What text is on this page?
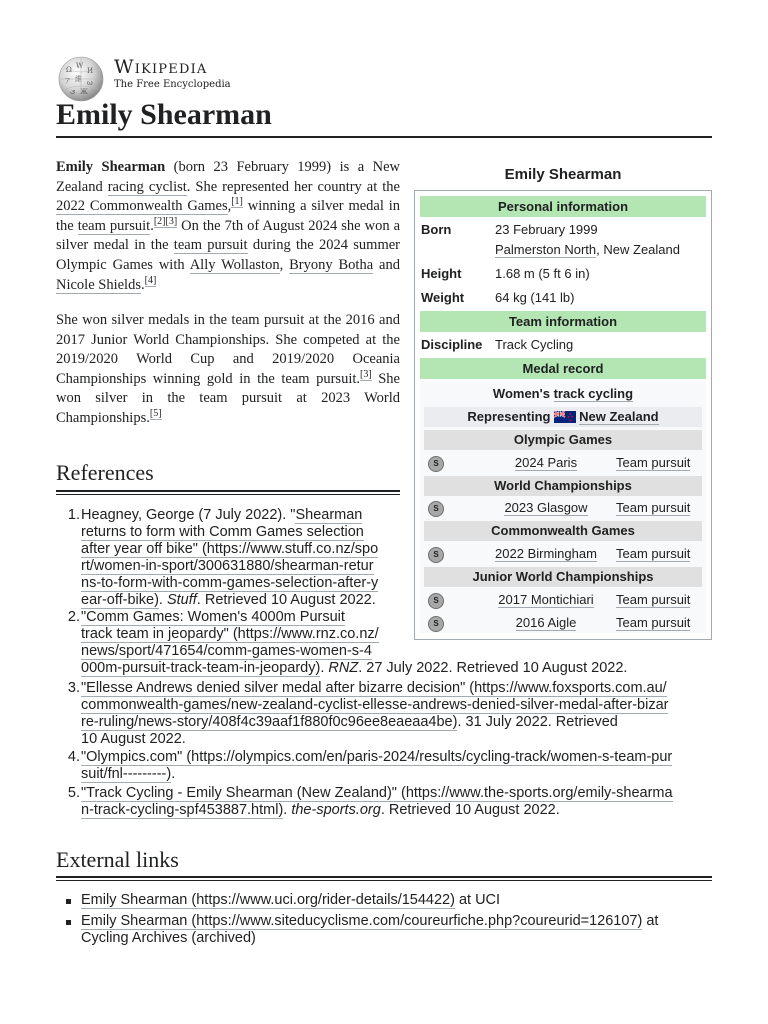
Ω W
И
ア 維 ω
ی Ж
Wikipedia
The Free Encyclopedia
Emily Shearman

Emily Shearman (born 23 February 1999) is a New Zealand racing cyclist. She represented her country at the 2022 Commonwealth Games,[1] winning a silver medal in the team pursuit.[2][3] On the 7th of August 2024 she won a silver medal in the team pursuit during the 2024 summer Olympic Games with Ally Wollaston, Bryony Botha and Nicole Shields.[4]

She won silver medals in the team pursuit at the 2016 and 2017 Junior World Championships. She competed at the 2019/2020 World Cup and 2019/2020 Oceania Championships winning gold in the team pursuit.[3] She won silver in the team pursuit at 2023 World Championships.[5]

Emily Shearman
Personal information
Born	23 February 1999
Palmerston North, New Zealand
Height	1.68 m (5 ft 6 in)
Weight 64 kg (141 lb)
Team information
Discipline Track Cycling
Medal record
Women's track cycling
Representing New Zealand
Olympic Games
S	2024 Paris	Team pursuit
World Championships
S	2023 Glasgow	Team pursuit
Commonwealth Games
S	2022 Birmingham	Team pursuit
Junior World Championships
S	2017 Montichiari	Team pursuit
S	2016 Aigle	Team pursuit
References
1. Heagney, George (7 July 2022). "Shearman
returns to form with Comm Games selection
after year off bike" (https://www.stuff.co.nz/spo
rt/women-in-sport/300631880/shearman-retur
ns-to-form-with-comm-games-selection-after-y
ear-off-bike). Stuff. Retrieved 10 August 2022.
2. "Comm Games: Women's 4000m Pursuit
track team in jeopardy" (https://www.rnz.co.nz/
news/sport/471654/comm-games-women-s-4
000m-pursuit-track-team-in-jeopardy). RNZ. 27 July 2022. Retrieved 10 August 2022.
3. "Ellesse Andrews denied silver medal after bizarre decision" (https://www.foxsports.com.au/
commonwealth-games/new-zealand-cyclist-ellesse-andrews-denied-silver-medal-after-bizar
re-ruling/news-story/408f4c39aaf1f880f0c96ee8eaeaa4be). 31 July 2022. Retrieved
10 August 2022.
4. "Olympics.com" (https://olympics.com/en/paris-2024/results/cycling-track/women-s-team-pur
suit/fnl---------).
5. "Track Cycling - Emily Shearman (New Zealand)" (https://www.the-sports.org/emily-shearma
n-track-cycling-spf453887.html). the-sports.org. Retrieved 10 August 2022.
External links
Emily Shearman (https://www.uci.org/rider-details/154422) at UCI
Emily Shearman (https://www.siteducyclisme.com/coureurfiche.php?coureurid=126107) at
Cycling Archives (archived)
